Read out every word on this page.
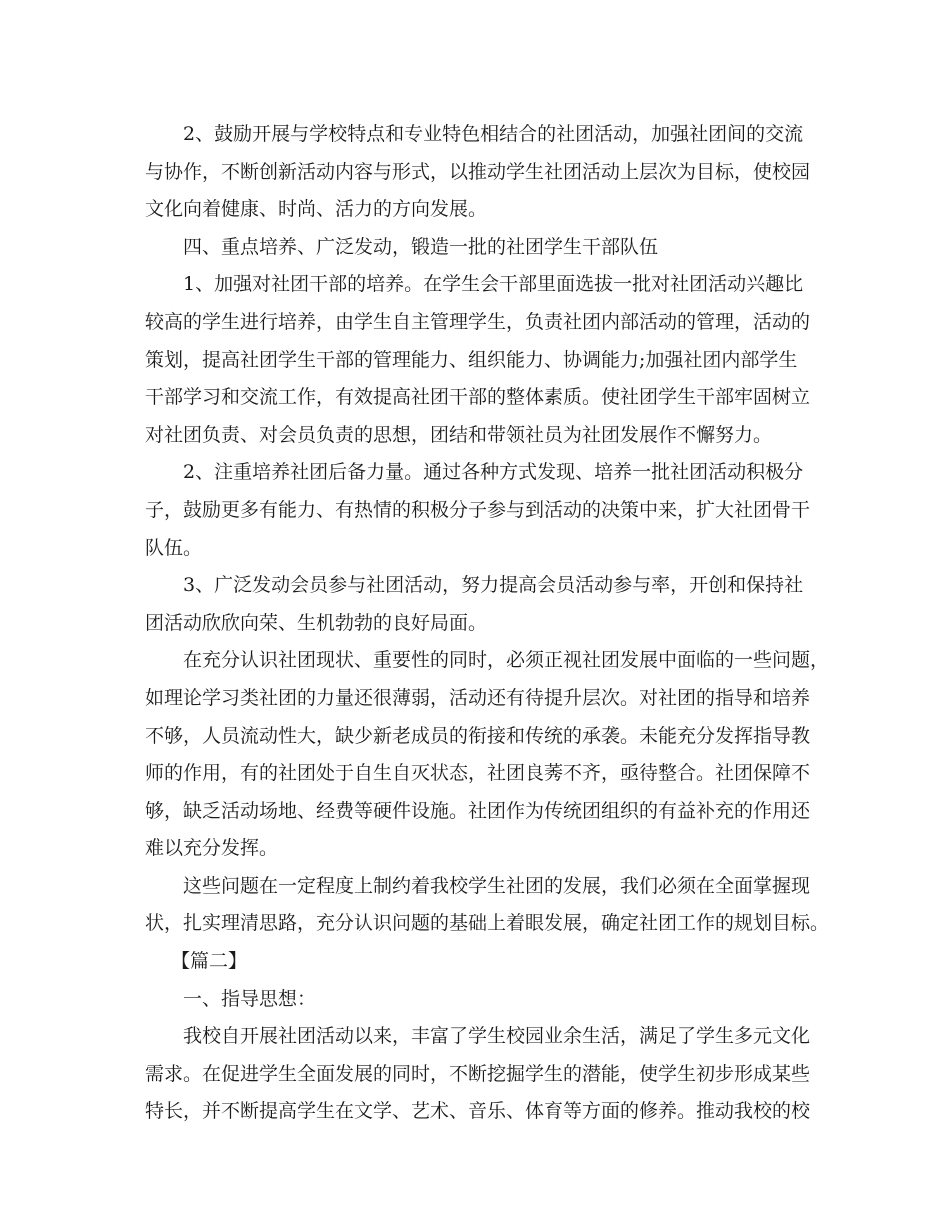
2、鼓励开展与学校特点和专业特色相结合的社团活动，加强社团间的交流
与协作，不断创新活动内容与形式，以推动学生社团活动上层次为目标，使校园
文化向着健康、时尚、活力的方向发展。
四、重点培养、广泛发动，锻造一批的社团学生干部队伍
1、加强对社团干部的培养。在学生会干部里面选拔一批对社团活动兴趣比
较高的学生进行培养，由学生自主管理学生，负责社团内部活动的管理，活动的
策划，提高社团学生干部的管理能力、组织能力、协调能力;加强社团内部学生
干部学习和交流工作，有效提高社团干部的整体素质。使社团学生干部牢固树立
对社团负责、对会员负责的思想，团结和带领社员为社团发展作不懈努力。
2、注重培养社团后备力量。通过各种方式发现、培养一批社团活动积极分
子，鼓励更多有能力、有热情的积极分子参与到活动的决策中来，扩大社团骨干
队伍。
3、广泛发动会员参与社团活动，努力提高会员活动参与率，开创和保持社
团活动欣欣向荣、生机勃勃的良好局面。
在充分认识社团现状、重要性的同时，必须正视社团发展中面临的一些问题，
如理论学习类社团的力量还很薄弱，活动还有待提升层次。对社团的指导和培养
不够，人员流动性大，缺少新老成员的衔接和传统的承袭。未能充分发挥指导教
师的作用，有的社团处于自生自灭状态，社团良莠不齐，亟待整合。社团保障不
够，缺乏活动场地、经费等硬件设施。社团作为传统团组织的有益补充的作用还
难以充分发挥。
这些问题在一定程度上制约着我校学生社团的发展，我们必须在全面掌握现
状，扎实理清思路，充分认识问题的基础上着眼发展，确定社团工作的规划目标。
【篇二】
一、指导思想：
我校自开展社团活动以来，丰富了学生校园业余生活，满足了学生多元文化
需求。在促进学生全面发展的同时，不断挖掘学生的潜能，使学生初步形成某些
特长，并不断提高学生在文学、艺术、音乐、体育等方面的修养。推动我校的校
